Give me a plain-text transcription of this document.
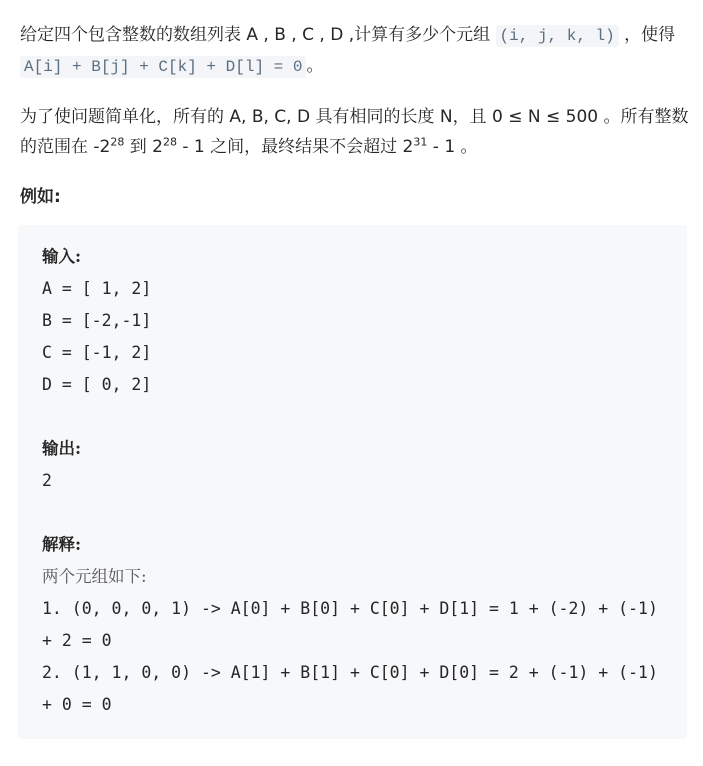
给定四个包含整数的数组列表 A , B , C , D ,计算有多少个元组 (i, j, k, l) ，使得 A[i] + B[j] + C[k] + D[l] = 0 。

为了使问题简单化，所有的 A, B, C, D 具有相同的长度 N，且 0 ≤ N ≤ 500 。所有整数的范围在 $-2^{28}$ 到 $2^{28} - 1$ 之间，最终结果不会超过 $2^{31} - 1$ 。

例如:
输入:
A = [ 1, 2]
B = [-2,-1]
C = [-1, 2]
D = [ 0, 2]

输出:
2

解释:
两个元组如下:
1. (0, 0, 0, 1) -> A[0] + B[0] + C[0] + D[1] = 1 + (-2) + (-1) + 2 = 0
2. (1, 1, 0, 0) -> A[1] + B[1] + C[0] + D[0] = 2 + (-1) + (-1) + 0 = 0
